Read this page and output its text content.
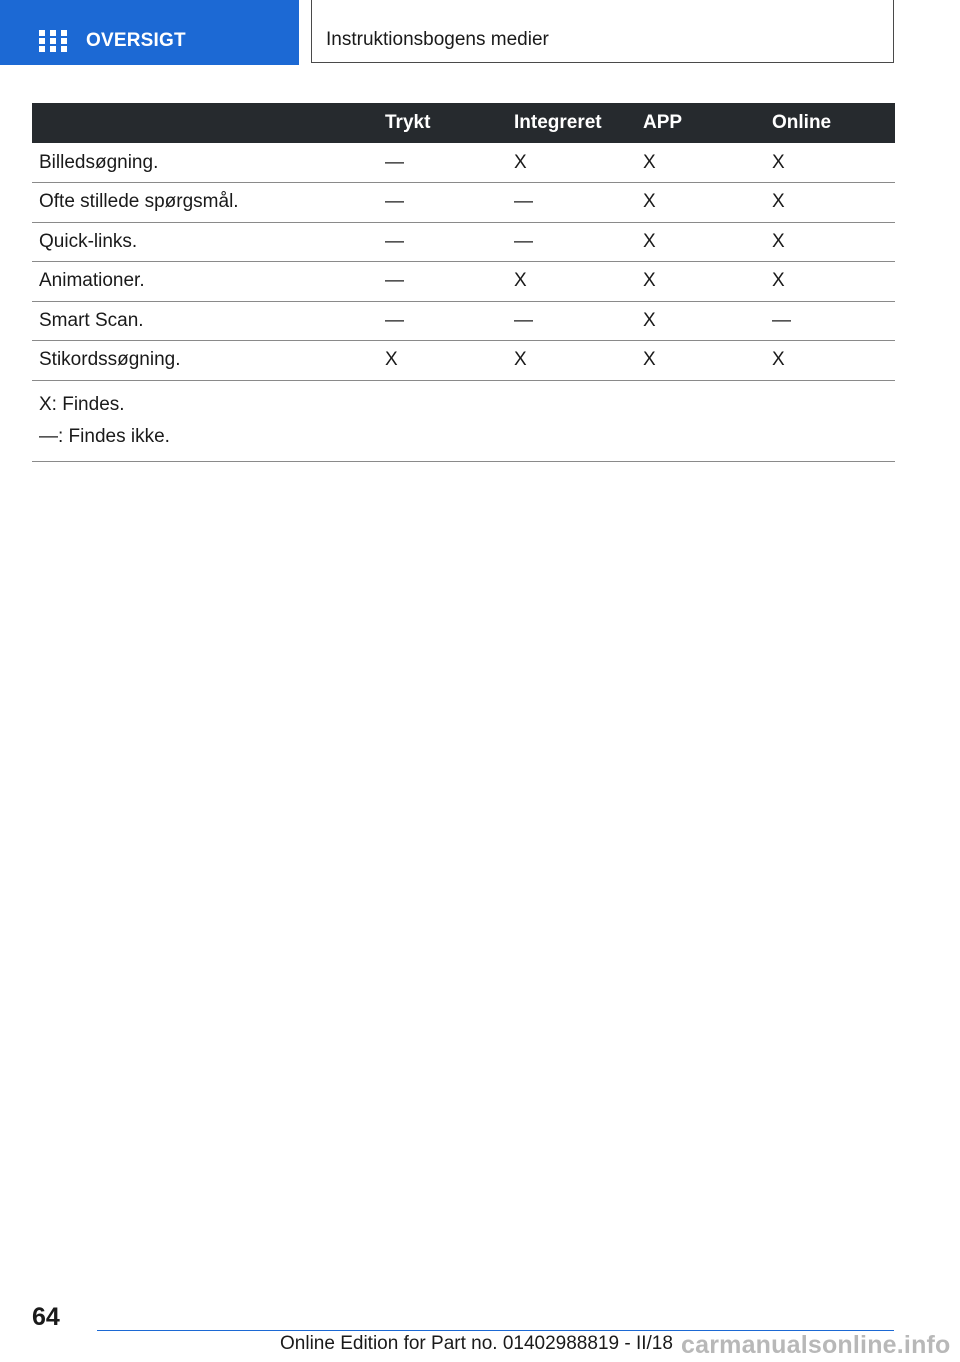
OVERSIGT	Instruktionsbogens medier
	Trykt	Integreret	APP	Online
Billedsøgning.	—	X	X	X
Ofte stillede spørgsmål.	—	—	X	X
Quick-links.	—	—	X	X
Animationer.	—	X	X	X
Smart Scan.	—	—	X	—
Stikordssøgning.	X	X	X	X

X: Findes.
—: Findes ikke.				
64
Online Edition for Part no. 01402988819 - II/18 carmanualsonline.info
